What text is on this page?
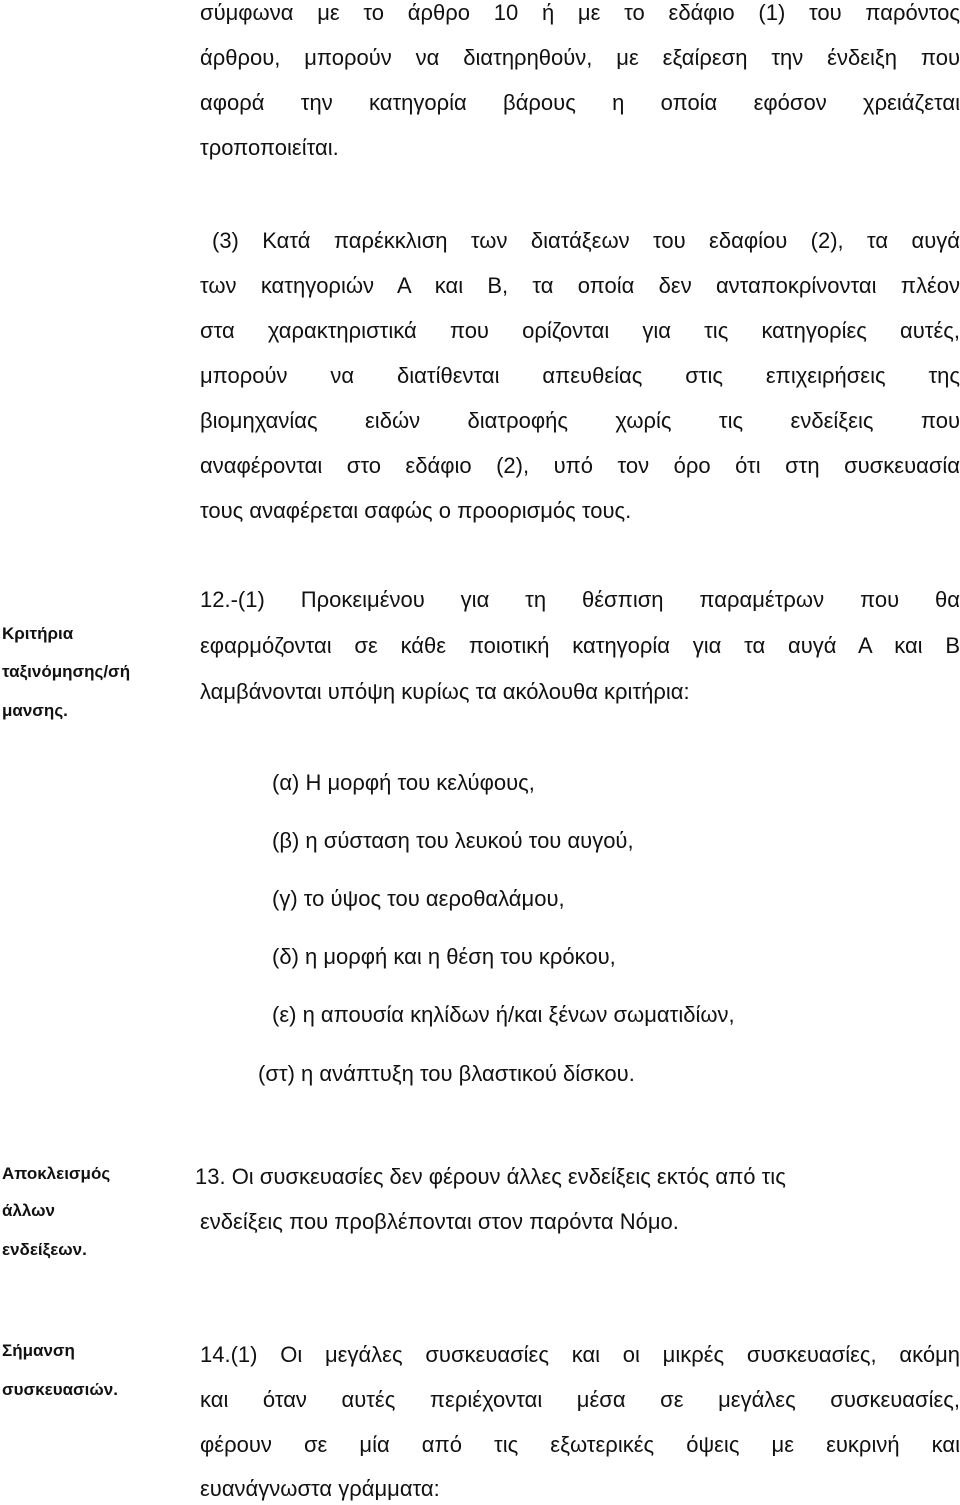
σύμφωνα με το άρθρο 10 ή με το εδάφιο (1) του παρόντος
άρθρου, μπορούν να διατηρηθούν, με εξαίρεση την ένδειξη που
αφορά την κατηγορία βάρους η οποία εφόσον χρειάζεται
τροποποιείται.
(3) Κατά παρέκκλιση των διατάξεων του εδαφίου (2), τα αυγά
των κατηγοριών Α και Β, τα οποία δεν ανταποκρίνονται πλέον
στα χαρακτηριστικά που ορίζονται για τις κατηγορίες αυτές,
μπορούν να διατίθενται απευθείας στις επιχειρήσεις της
βιομηχανίας ειδών διατροφής χωρίς τις ενδείξεις που
αναφέρονται στο εδάφιο (2), υπό τον όρο ότι στη συσκευασία
τους αναφέρεται σαφώς ο προορισμός τους.
Κριτήρια
ταξινόμησης/σή
μανσης.
12.-(1) Προκειμένου για τη θέσπιση παραμέτρων που θα
εφαρμόζονται σε κάθε ποιοτική κατηγορία για τα αυγά Α και Β
λαμβάνονται υπόψη κυρίως τα ακόλουθα κριτήρια:
(α) Η μορφή του κελύφους,
(β) η σύσταση του λευκού του αυγού,
(γ) το ύψος του αεροθαλάμου,
(δ) η μορφή και η θέση του κρόκου,
(ε) η απουσία κηλίδων ή/και ξένων σωματιδίων,
(στ) η ανάπτυξη του βλαστικού δίσκου.
Αποκλεισμός
άλλων
ενδείξεων.
13. Οι συσκευασίες δεν φέρουν άλλες ενδείξεις εκτός από τις
ενδείξεις που προβλέπονται στον παρόντα Νόμο.
Σήμανση
συσκευασιών.
14.(1) Οι μεγάλες συσκευασίες και οι μικρές συσκευασίες, ακόμη
και όταν αυτές περιέχονται μέσα σε μεγάλες συσκευασίες,
φέρουν σε μία από τις εξωτερικές όψεις με ευκρινή και
ευανάγνωστα γράμματα:
